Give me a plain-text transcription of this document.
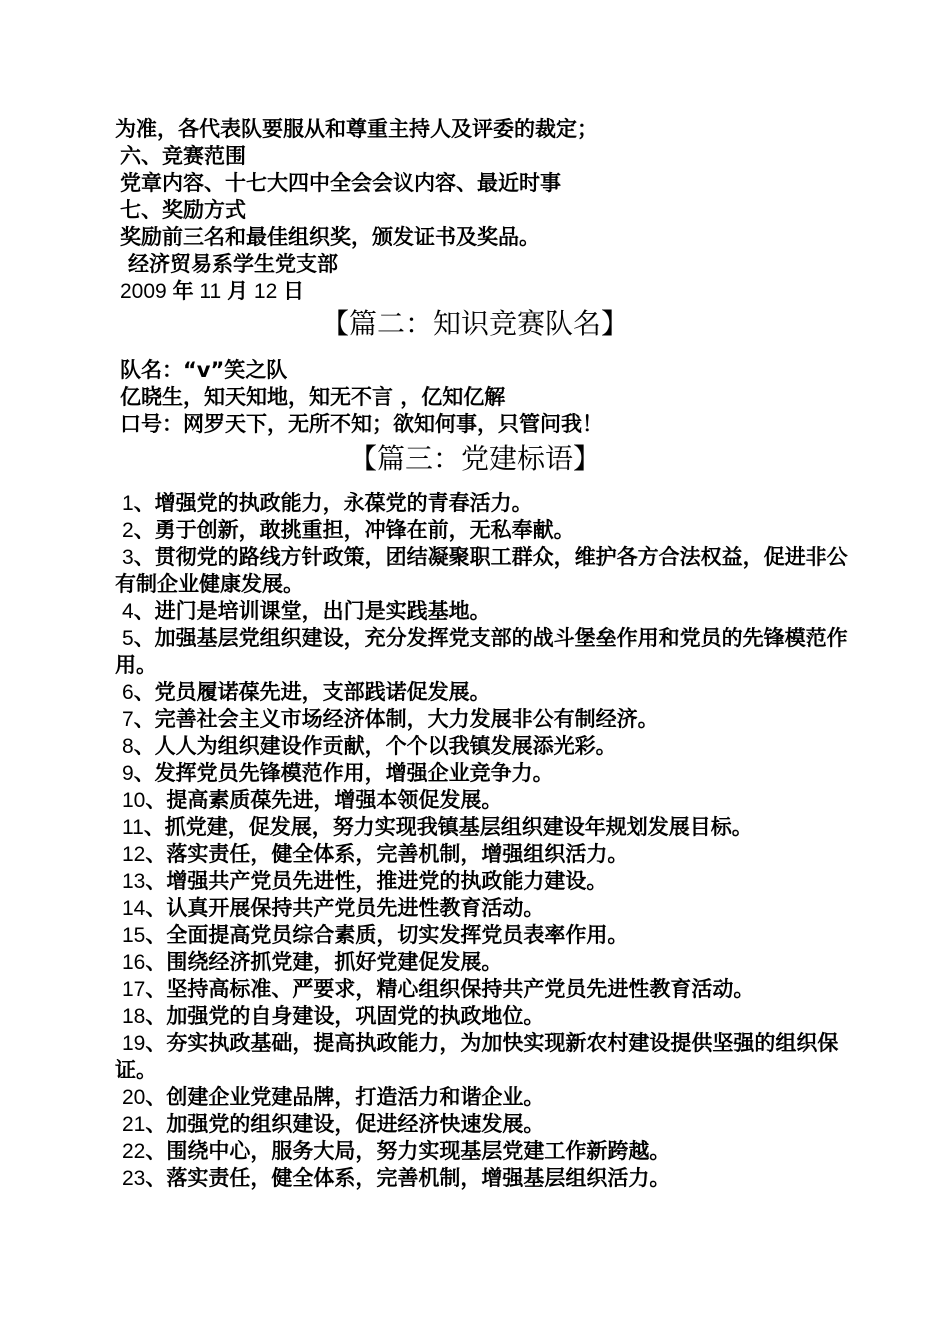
为准，各代表队要服从和尊重主持人及评委的裁定；
六、竞赛范围
党章内容、十七大四中全会会议内容、最近时事
七、奖励方式
奖励前三名和最佳组织奖，颁发证书及奖品。
经济贸易系学生党支部
2009 年 11 月 12 日
【篇二：知识竞赛队名】
队名：“v”笑之队
亿晓生，知天知地，知无不言 ，亿知亿解
口号：网罗天下，无所不知；欲知何事，只管问我！
【篇三：党建标语】
1、增强党的执政能力，永葆党的青春活力。
2、勇于创新，敢挑重担，冲锋在前，无私奉献。
3、贯彻党的路线方针政策，团结凝聚职工群众，维护各方合法权益，促进非公有制企业健康发展。
4、进门是培训课堂，出门是实践基地。
5、加强基层党组织建设，充分发挥党支部的战斗堡垒作用和党员的先锋模范作用。
6、党员履诺葆先进，支部践诺促发展。
7、完善社会主义市场经济体制，大力发展非公有制经济。
8、人人为组织建设作贡献，个个以我镇发展添光彩。
9、发挥党员先锋模范作用，增强企业竞争力。
10、提高素质葆先进，增强本领促发展。
11、抓党建，促发展，努力实现我镇基层组织建设年规划发展目标。
12、落实责任，健全体系，完善机制，增强组织活力。
13、增强共产党员先进性，推进党的执政能力建设。
14、认真开展保持共产党员先进性教育活动。
15、全面提高党员综合素质，切实发挥党员表率作用。
16、围绕经济抓党建，抓好党建促发展。
17、坚持高标准、严要求，精心组织保持共产党员先进性教育活动。
18、加强党的自身建设，巩固党的执政地位。
19、夯实执政基础，提高执政能力，为加快实现新农村建设提供坚强的组织保证。
20、创建企业党建品牌，打造活力和谐企业。
21、加强党的组织建设，促进经济快速发展。
22、围绕中心，服务大局，努力实现基层党建工作新跨越。
23、落实责任，健全体系，完善机制，增强基层组织活力。
